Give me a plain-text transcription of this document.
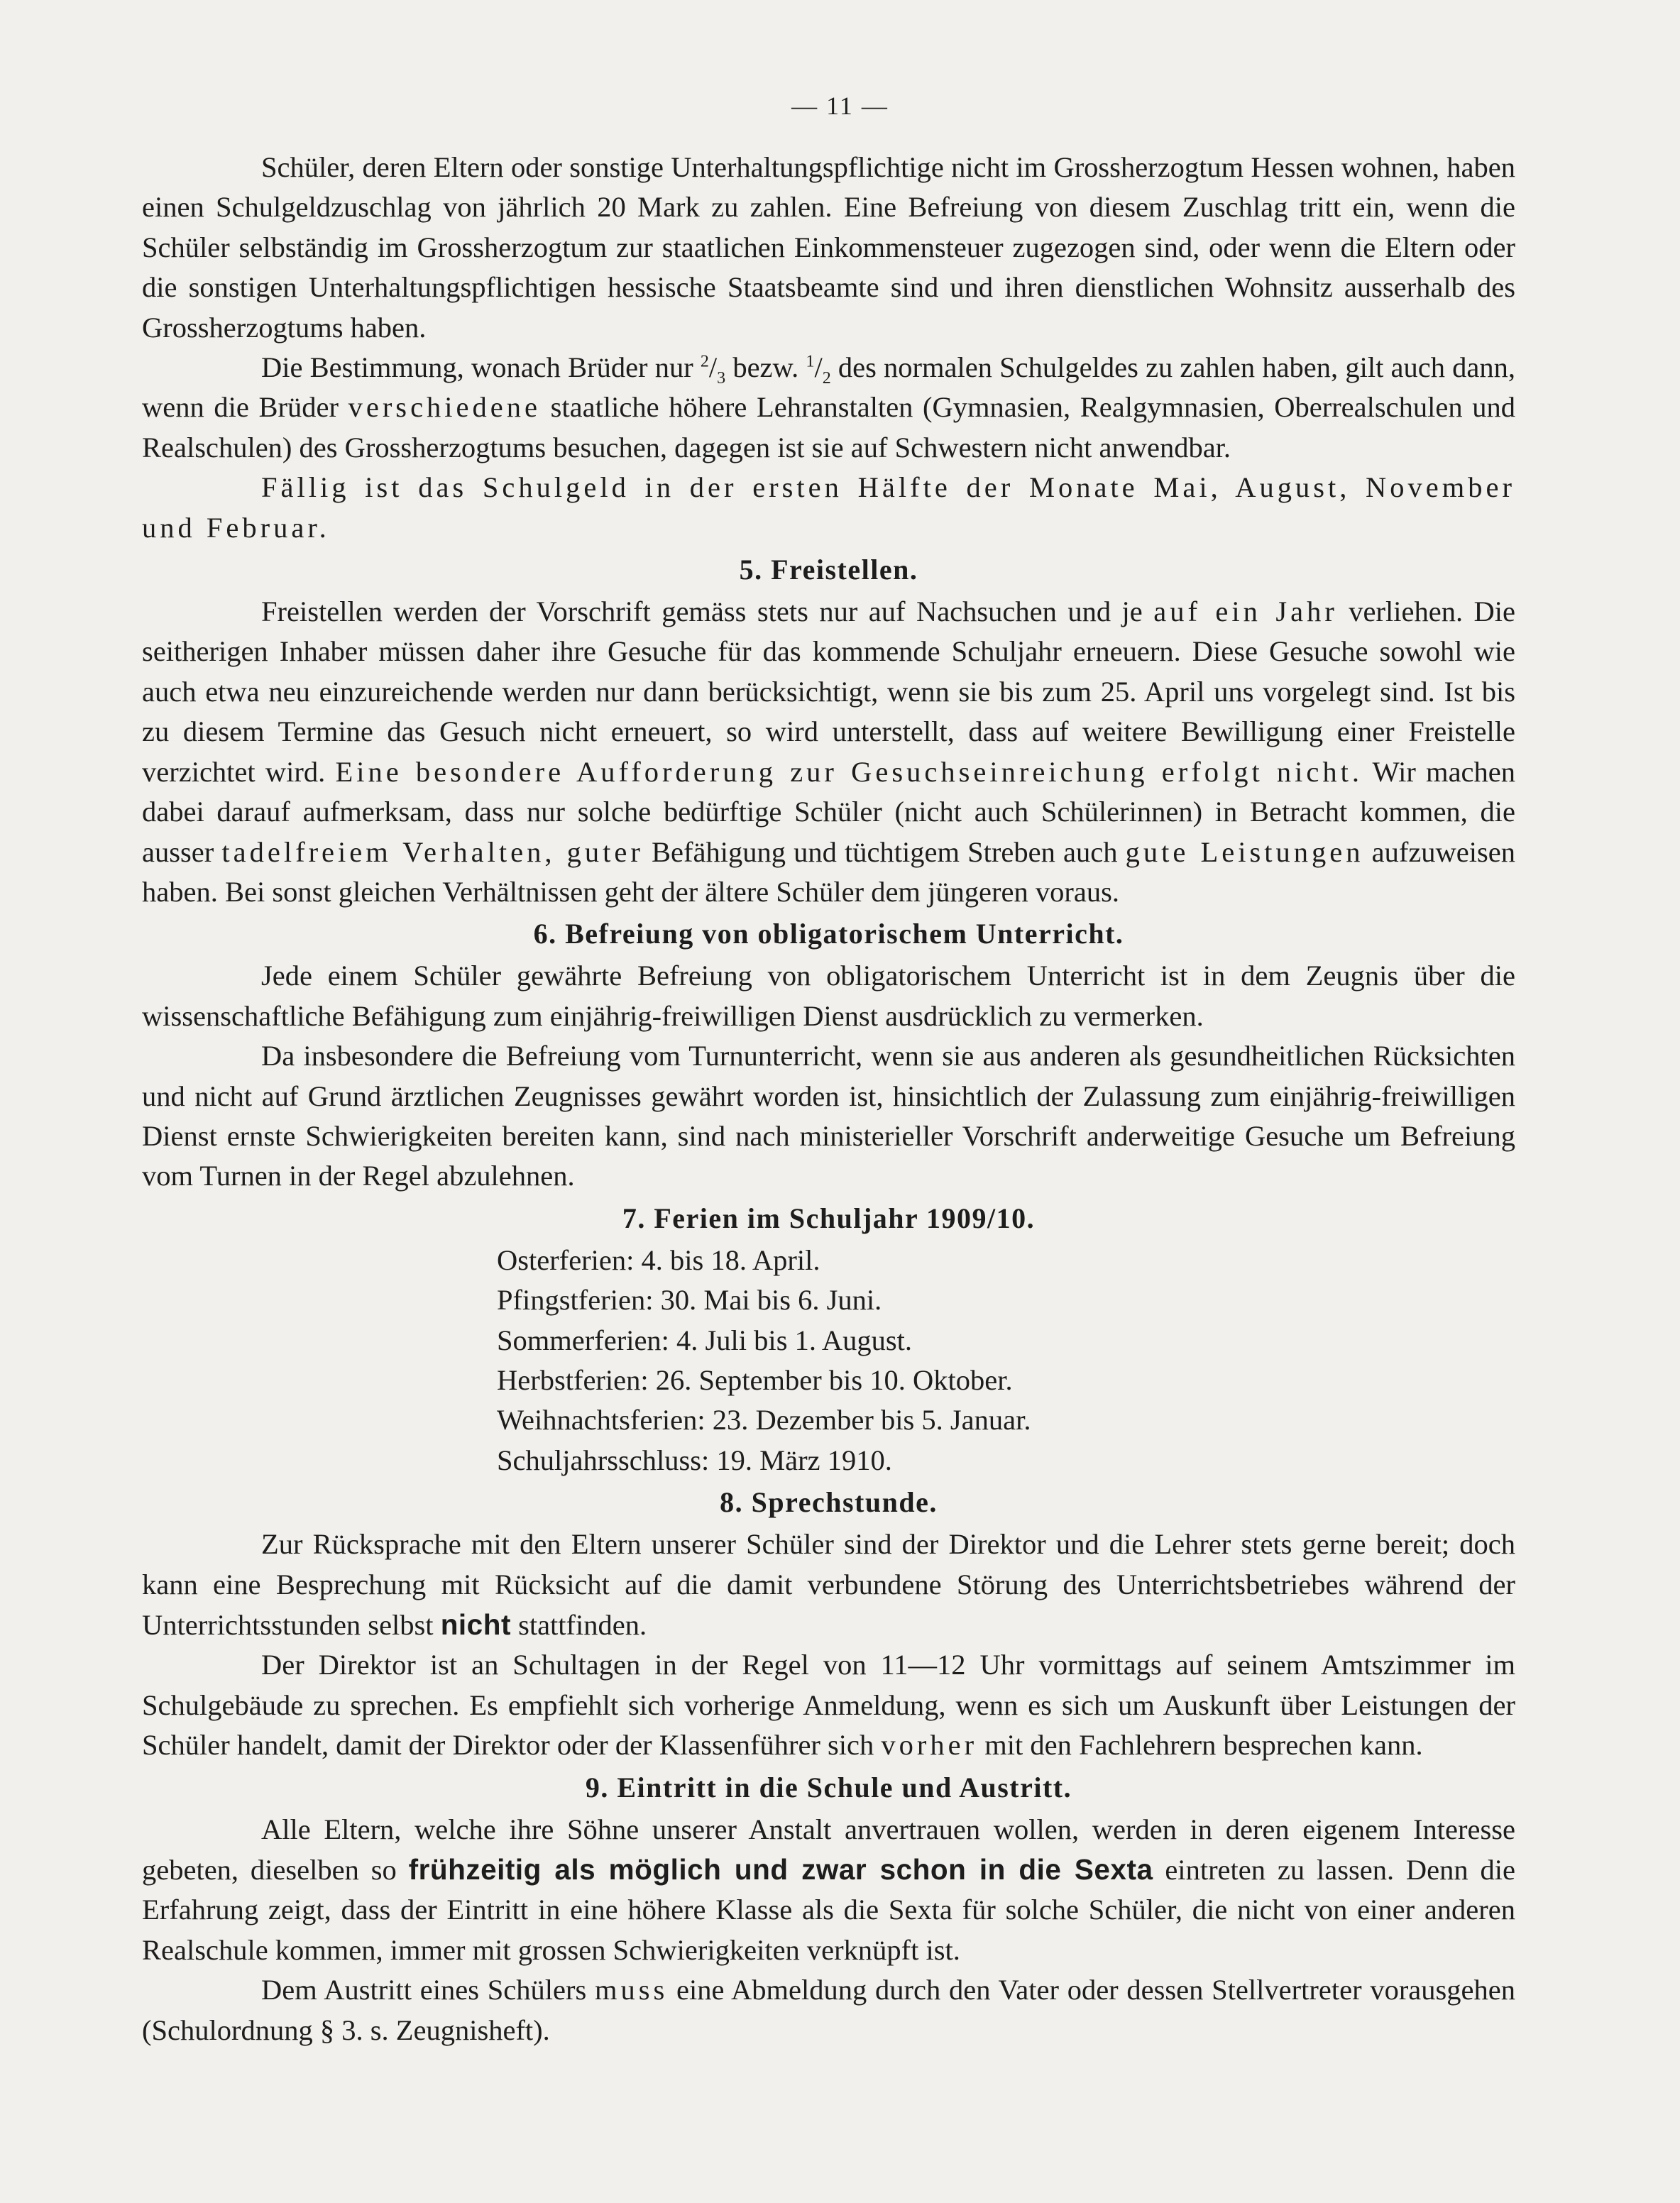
— 11 —

Schüler, deren Eltern oder sonstige Unterhaltungspflichtige nicht im Grossherzogtum Hessen wohnen, haben einen Schulgeldzuschlag von jährlich 20 Mark zu zahlen. Eine Befreiung von diesem Zuschlag tritt ein, wenn die Schüler selbständig im Grossherzogtum zur staatlichen Einkommensteuer zugezogen sind, oder wenn die Eltern oder die sonstigen Unterhaltungspflichtigen hessische Staatsbeamte sind und ihren dienstlichen Wohnsitz ausserhalb des Grossherzogtums haben.

Die Bestimmung, wonach Brüder nur $^2/_3$ bezw. $^1/_2$ des normalen Schulgeldes zu zahlen haben, gilt auch dann, wenn die Brüder verschiedene staatliche höhere Lehranstalten (Gymnasien, Realgymnasien, Oberrealschulen und Realschulen) des Grossherzogtums besuchen, dagegen ist sie auf Schwestern nicht anwendbar.

Fällig ist das Schulgeld in der ersten Hälfte der Monate Mai, August, November und Februar.

5. Freistellen.

Freistellen werden der Vorschrift gemäss stets nur auf Nachsuchen und je auf ein Jahr verliehen. Die seitherigen Inhaber müssen daher ihre Gesuche für das kommende Schuljahr erneuern. Diese Gesuche sowohl wie auch etwa neu einzureichende werden nur dann berücksichtigt, wenn sie bis zum 25. April uns vorgelegt sind. Ist bis zu diesem Termine das Gesuch nicht erneuert, so wird unterstellt, dass auf weitere Bewilligung einer Freistelle verzichtet wird. Eine besondere Aufforderung zur Gesuchseinreichung erfolgt nicht. Wir machen dabei darauf aufmerksam, dass nur solche bedürftige Schüler (nicht auch Schülerinnen) in Betracht kommen, die ausser tadelfreiem Verhalten, guter Befähigung und tüchtigem Streben auch gute Leistungen aufzuweisen haben. Bei sonst gleichen Verhältnissen geht der ältere Schüler dem jüngeren voraus.

6. Befreiung von obligatorischem Unterricht.

Jede einem Schüler gewährte Befreiung von obligatorischem Unterricht ist in dem Zeugnis über die wissenschaftliche Befähigung zum einjährig-freiwilligen Dienst ausdrücklich zu vermerken.

Da insbesondere die Befreiung vom Turnunterricht, wenn sie aus anderen als gesundheitlichen Rücksichten und nicht auf Grund ärztlichen Zeugnisses gewährt worden ist, hinsichtlich der Zulassung zum einjährig-freiwilligen Dienst ernste Schwierigkeiten bereiten kann, sind nach ministerieller Vorschrift anderweitige Gesuche um Befreiung vom Turnen in der Regel abzulehnen.

7. Ferien im Schuljahr 1909/10.
Osterferien: 4. bis 18. April.
Pfingstferien: 30. Mai bis 6. Juni.
Sommerferien: 4. Juli bis 1. August.
Herbstferien: 26. September bis 10. Oktober.
Weihnachtsferien: 23. Dezember bis 5. Januar.
Schuljahrsschluss: 19. März 1910.
8. Sprechstunde.

Zur Rücksprache mit den Eltern unserer Schüler sind der Direktor und die Lehrer stets gerne bereit; doch kann eine Besprechung mit Rücksicht auf die damit verbundene Störung des Unterrichtsbetriebes während der Unterrichtsstunden selbst nicht stattfinden.

Der Direktor ist an Schultagen in der Regel von 11—12 Uhr vormittags auf seinem Amtszimmer im Schulgebäude zu sprechen. Es empfiehlt sich vorherige Anmeldung, wenn es sich um Auskunft über Leistungen der Schüler handelt, damit der Direktor oder der Klassenführer sich vorher mit den Fachlehrern besprechen kann.

9. Eintritt in die Schule und Austritt.

Alle Eltern, welche ihre Söhne unserer Anstalt anvertrauen wollen, werden in deren eigenem Interesse gebeten, dieselben so frühzeitig als möglich und zwar schon in die Sexta eintreten zu lassen. Denn die Erfahrung zeigt, dass der Eintritt in eine höhere Klasse als die Sexta für solche Schüler, die nicht von einer anderen Realschule kommen, immer mit grossen Schwierigkeiten verknüpft ist.

Dem Austritt eines Schülers muss eine Abmeldung durch den Vater oder dessen Stellvertreter vorausgehen (Schulordnung § 3. s. Zeugnisheft).
